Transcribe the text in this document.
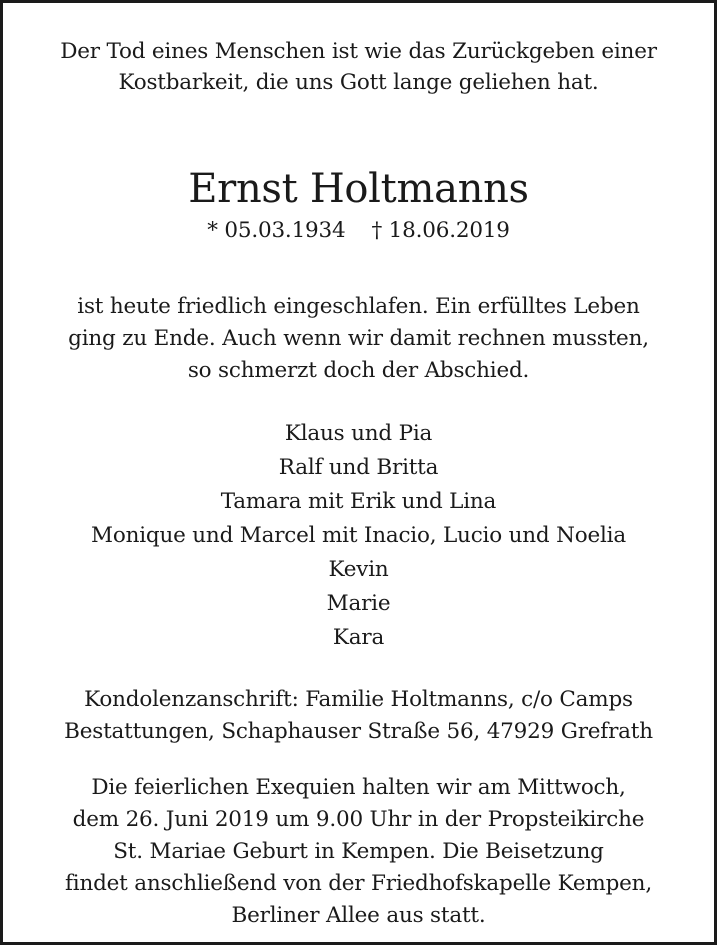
Der Tod eines Menschen ist wie das Zurückgeben einer
Kostbarkeit, die uns Gott lange geliehen hat.
Ernst Holtmanns
* 05.03.1934 † 18.06.2019
ist heute friedlich eingeschlafen. Ein erfülltes Leben
ging zu Ende. Auch wenn wir damit rechnen mussten,
so schmerzt doch der Abschied.
Klaus und Pia
Ralf und Britta
Tamara mit Erik und Lina
Monique und Marcel mit Inacio, Lucio und Noelia
Kevin
Marie
Kara
Kondolenzanschrift: Familie Holtmanns, c/o Camps
Bestattungen, Schaphauser Straße 56, 47929 Grefrath
Die feierlichen Exequien halten wir am Mittwoch,
dem 26. Juni 2019 um 9.00 Uhr in der Propsteikirche
St. Mariae Geburt in Kempen. Die Beisetzung
findet anschließend von der Friedhofskapelle Kempen,
Berliner Allee aus statt.
